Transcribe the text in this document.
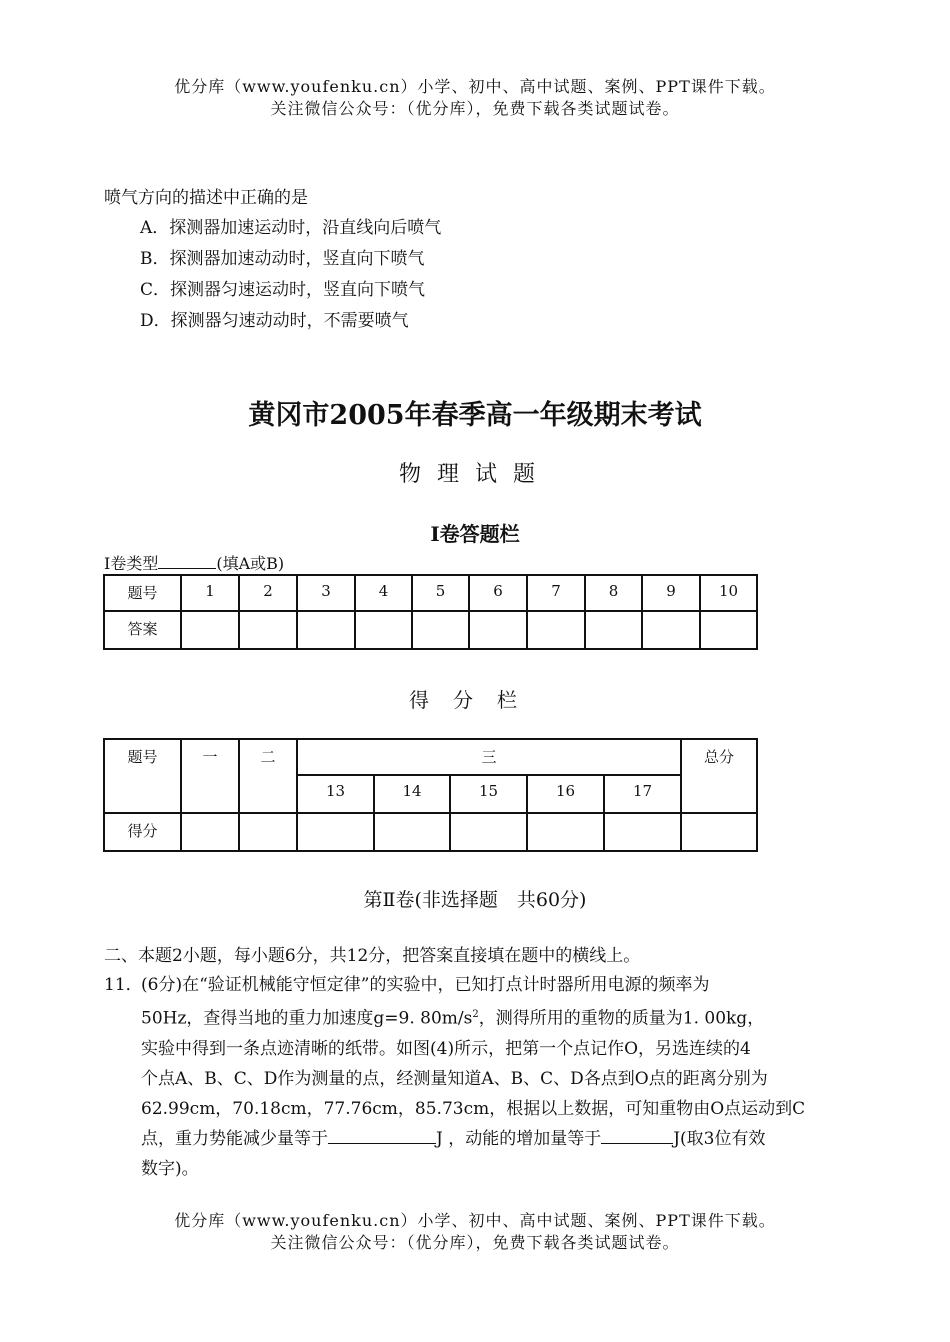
优分库（www.youfenku.cn）小学、初中、高中试题、案例、PPT课件下载。
关注微信公众号：（优分库），免费下载各类试题试卷。
喷气方向的描述中正确的是
A．探测器加速运动时，沿直线向后喷气
B．探测器加速动动时，竖直向下喷气
C．探测器匀速运动时，竖直向下喷气
D．探测器匀速动动时，不需要喷气
黄冈市2005年春季高一年级期末考试
物理试题
Ⅰ卷答题栏
Ⅰ卷类型	(填A或B)
题号	1	2	3	4	5	6	7	8	9	10
答案										
得分栏
题号	一	二	三					总分
			13	14	15	16	17	
得分								
第Ⅱ卷(非选择题　共60分)
二、本题2小题，每小题6分，共12分，把答案直接填在题中的横线上。
11．
(6分)在“验证机械能守恒定律”的实验中，已知打点计时器所用电源的频率为
50Hz，查得当地的重力加速度g=9. $80m/s^2$，测得所用的重物的质量为1. 00kg，
实验中得到一条点迹清晰的纸带。如图(4)所示，把第一个点记作O，另选连续的4
个点A、B、C、D作为测量的点，经测量知道A、B、C、D各点到O点的距离分别为
62.99cm，70.18cm，77.76cm，85.73cm，根据以上数据，可知重物由O点运动到C
点，重力势能减少量等于	J ，动能的增加量等于	J(取3位有效
数字)。
优分库（www.youfenku.cn）小学、初中、高中试题、案例、PPT课件下载。
关注微信公众号：（优分库），免费下载各类试题试卷。
